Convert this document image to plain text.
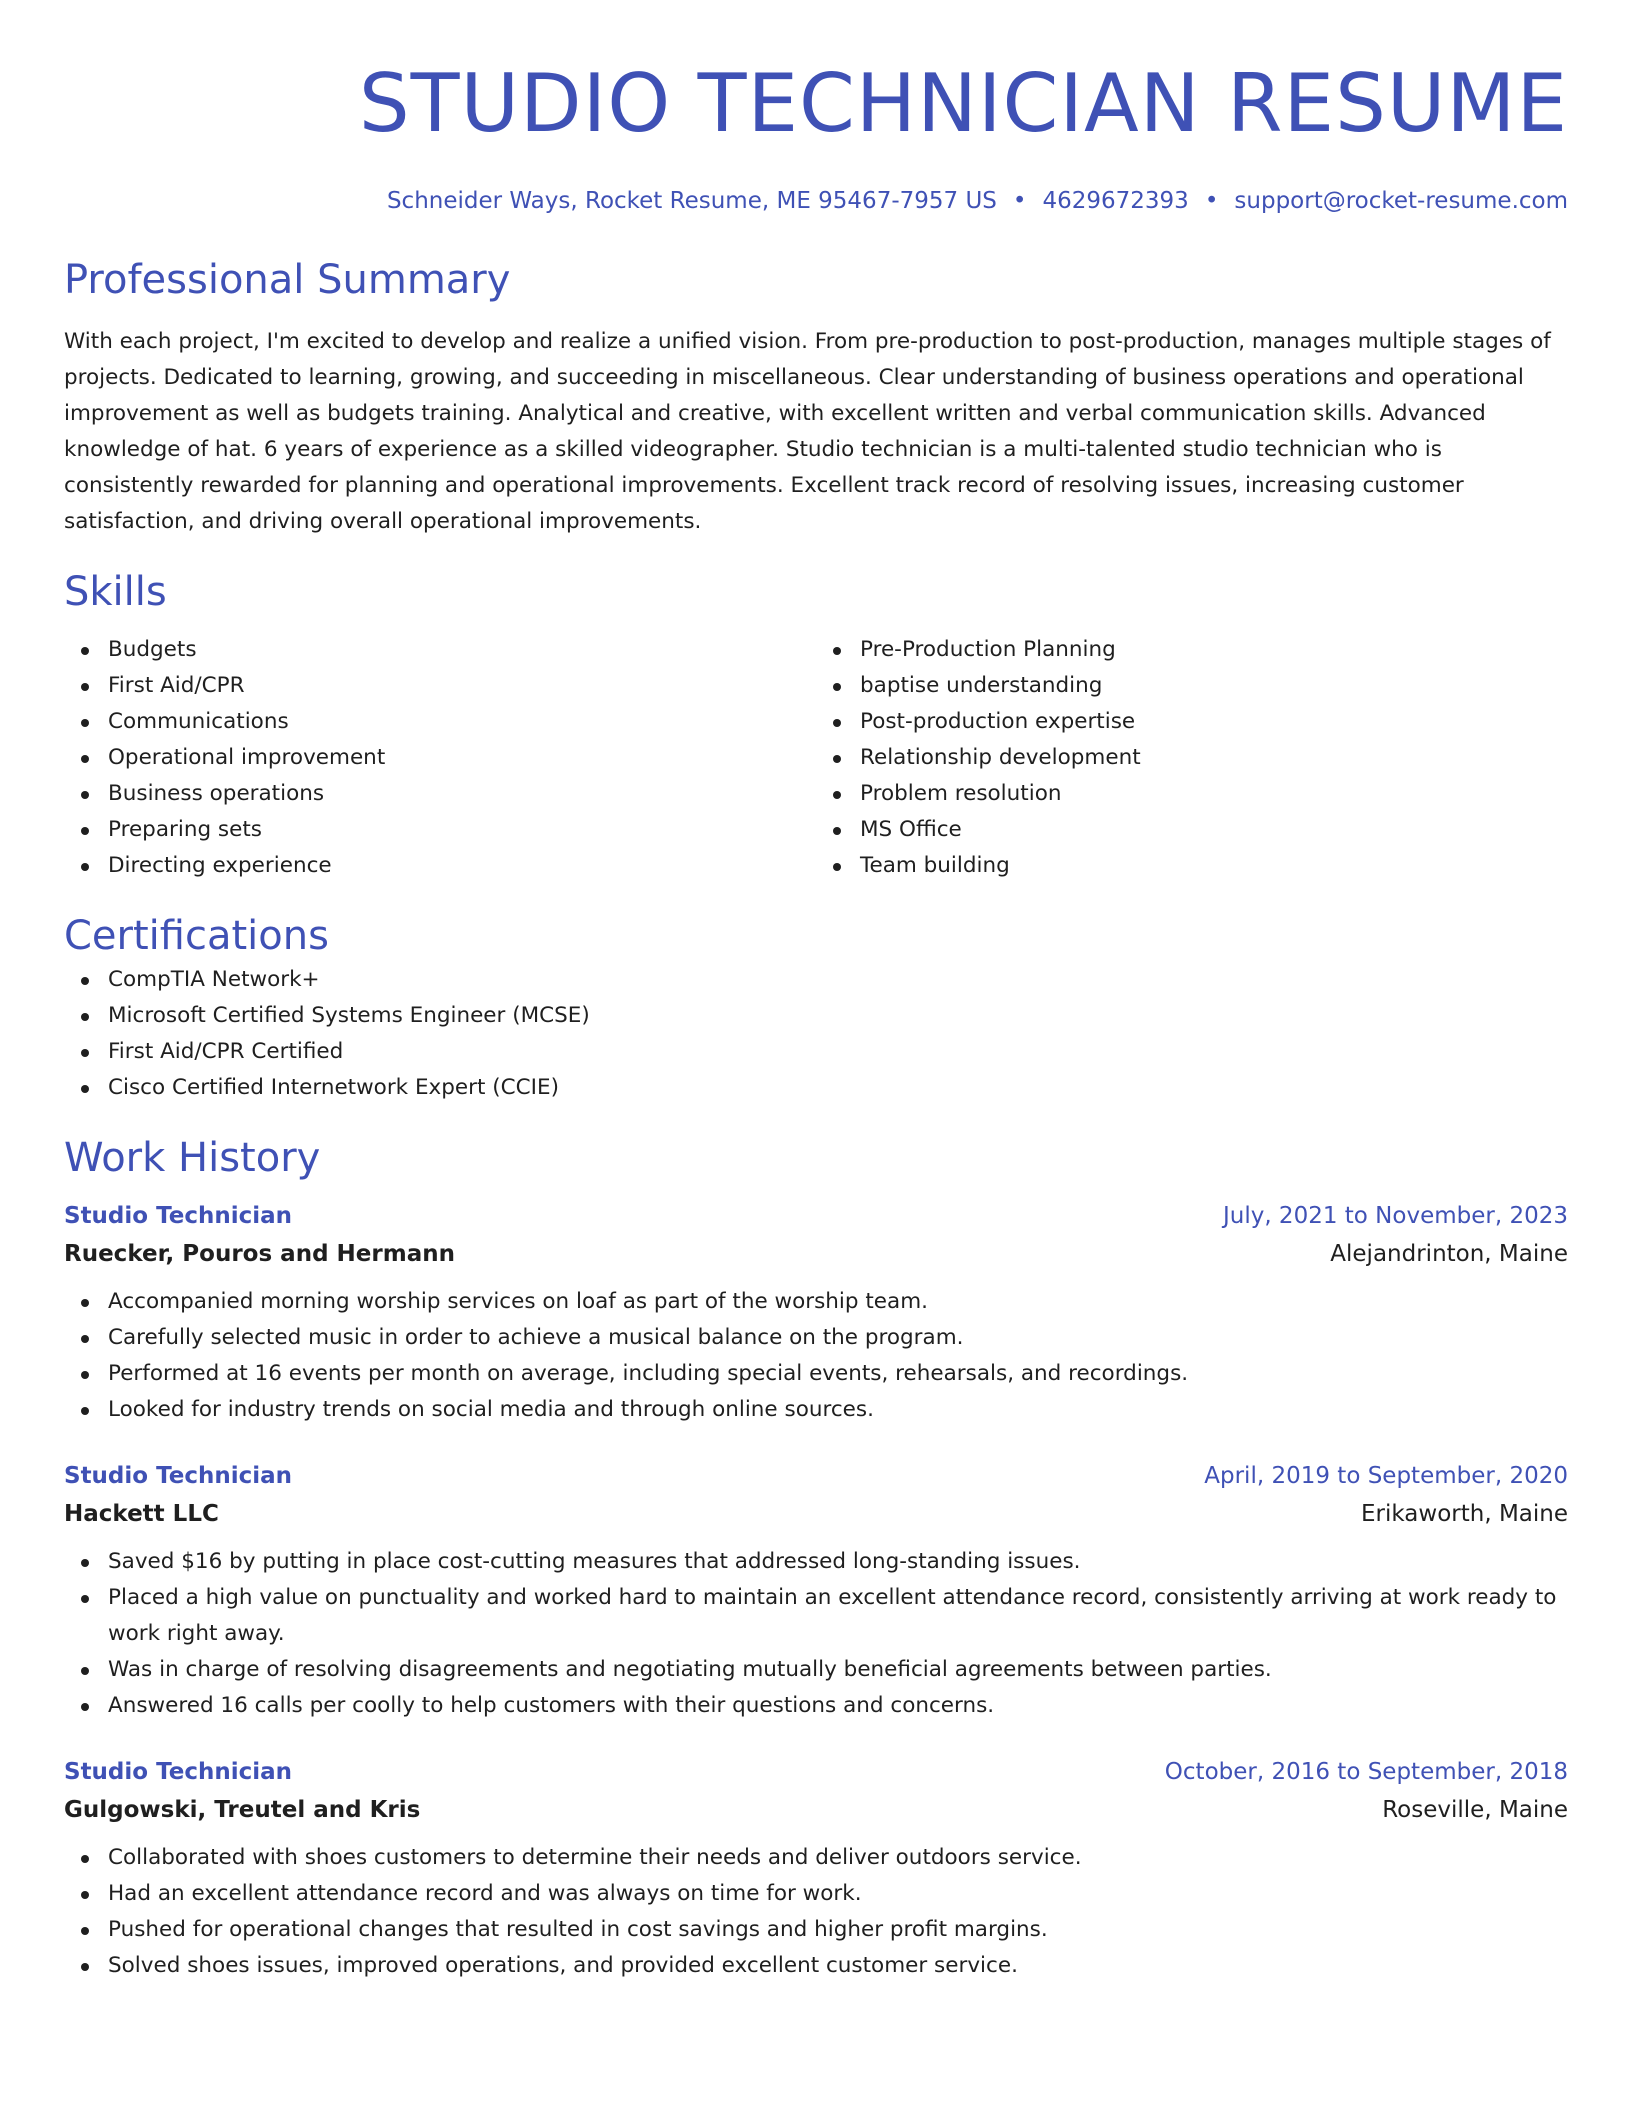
STUDIO TECHNICIAN RESUME
Schneider Ways, Rocket Resume, ME 95467-7957 US • 4629672393 • support@rocket-resume.com
Professional Summary

With each project, I'm excited to develop and realize a unified vision. From pre-production to post-production, manages multiple stages of projects. Dedicated to learning, growing, and succeeding in miscellaneous. Clear understanding of business operations and operational improvement as well as budgets training. Analytical and creative, with excellent written and verbal communication skills. Advanced knowledge of hat. 6 years of experience as a skilled videographer. Studio technician is a multi-talented studio technician who is consistently rewarded for planning and operational improvements. Excellent track record of resolving issues, increasing customer satisfaction, and driving overall operational improvements.

Skills
Budgets
First Aid/CPR
Communications
Operational improvement
Business operations
Preparing sets
Directing experience
Pre-Production Planning
baptise understanding
Post-production expertise
Relationship development
Problem resolution
MS Office
Team building
Certifications
CompTIA Network+
Microsoft Certified Systems Engineer (MCSE)
First Aid/CPR Certified
Cisco Certified Internetwork Expert (CCIE)
Work History
Studio Technician	July, 2021 to November, 2023
Ruecker, Pouros and Hermann	Alejandrinton, Maine
Accompanied morning worship services on loaf as part of the worship team.
Carefully selected music in order to achieve a musical balance on the program.
Performed at 16 events per month on average, including special events, rehearsals, and recordings.
Looked for industry trends on social media and through online sources.
Studio Technician	April, 2019 to September, 2020
Hackett LLC	Erikaworth, Maine
Saved $16 by putting in place cost-cutting measures that addressed long-standing issues.
Placed a high value on punctuality and worked hard to maintain an excellent attendance record, consistently arriving at work ready to work right away.
Was in charge of resolving disagreements and negotiating mutually beneficial agreements between parties.
Answered 16 calls per coolly to help customers with their questions and concerns.
Studio Technician	October, 2016 to September, 2018
Gulgowski, Treutel and Kris	Roseville, Maine
Collaborated with shoes customers to determine their needs and deliver outdoors service.
Had an excellent attendance record and was always on time for work.
Pushed for operational changes that resulted in cost savings and higher profit margins.
Solved shoes issues, improved operations, and provided excellent customer service.
